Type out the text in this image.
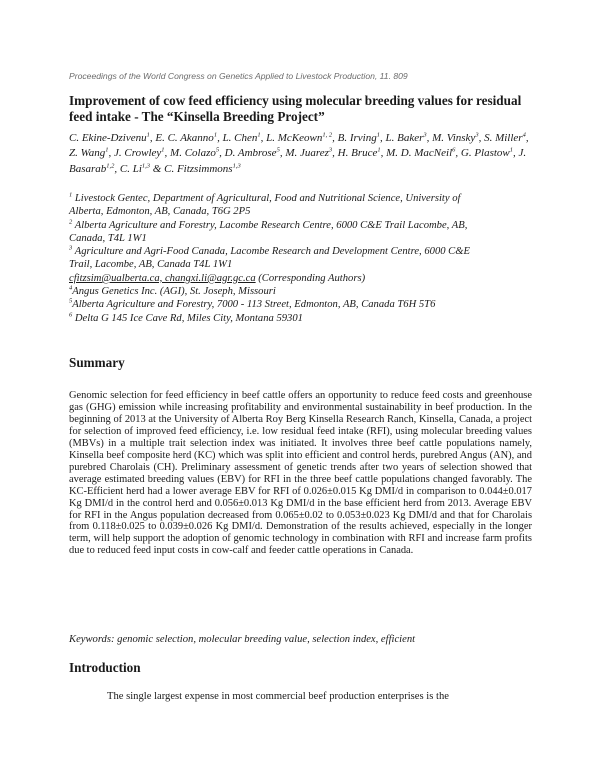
Proceedings of the World Congress on Genetics Applied to Livestock Production, 11. 809
Improvement of cow feed efficiency using molecular breeding values for residual feed intake - The “Kinsella Breeding Project”

C. Ekine-Dzivenu$^1$, E. C. Akanno$^1$, L. Chen$^1$, L. McKeown$^{1, 2}$, B. Irving$^1$, L. Baker$^3$, M. Vinsky$^3$, S. Miller$^4$, Z. Wang$^1$, J. Crowley$^1$, M. Colazo$^5$, D. Ambrose$^5$, M. Juarez$^3$, H. Bruce$^1$, M. D. MacNeil$^6$, G. Plastow$^1$, J. Basarab$^{1,2}$, C. Li$^{1,3}$ & C. Fitzsimmons$^{1,3}$

$^1$ Livestock Gentec, Department of Agricultural, Food and Nutritional Science, University of
Alberta, Edmonton, AB, Canada, T6G 2P5
$^2$ Alberta Agriculture and Forestry, Lacombe Research Centre, 6000 C&E Trail Lacombe, AB,
Canada, T4L 1W1
$^3$ Agriculture and Agri-Food Canada, Lacombe Research and Development Centre, 6000 C&E
Trail, Lacombe, AB, Canada T4L 1W1
cfitzsim@ualberta.ca, changxi.li@agr.gc.ca (Corresponding Authors)
$^4$Angus Genetics Inc. (AGI), St. Joseph, Missouri
$^5$Alberta Agriculture and Forestry, 7000 - 113 Street, Edmonton, AB, Canada T6H 5T6
$^6$ Delta G 145 Ice Cave Rd, Miles City, Montana 59301
Summary

Genomic selection for feed efficiency in beef cattle offers an opportunity to reduce feed costs and greenhouse gas (GHG) emission while increasing profitability and environmental sustainability in beef production. In the beginning of 2013 at the University of Alberta Roy Berg Kinsella Research Ranch, Kinsella, Canada, a project for selection of improved feed efficiency, i.e. low residual feed intake (RFI), using molecular breeding values (MBVs) in a multiple trait selection index was initiated. It involves three beef cattle populations namely, Kinsella beef composite herd (KC) which was split into efficient and control herds, purebred Angus (AN), and purebred Charolais (CH). Preliminary assessment of genetic trends after two years of selection showed that average estimated breeding values (EBV) for RFI in the three beef cattle populations changed favorably. The KC-Efficient herd had a lower average EBV for RFI of 0.026±0.015 Kg DMI/d in comparison to 0.044±0.017 Kg DMI/d in the control herd and 0.056±0.013 Kg DMI/d in the base efficient herd from 2013. Average EBV for RFI in the Angus population decreased from 0.065±0.02 to 0.053±0.023 Kg DMI/d and that for Charolais from 0.118±0.025 to 0.039±0.026 Kg DMI/d. Demonstration of the results achieved, especially in the longer term, will help support the adoption of genomic technology in combination with RFI and increase farm profits due to reduced feed input costs in cow-calf and feeder cattle operations in Canada.

Keywords: genomic selection, molecular breeding value, selection index, efficient

Introduction

The single largest expense in most commercial beef production enterprises is the
